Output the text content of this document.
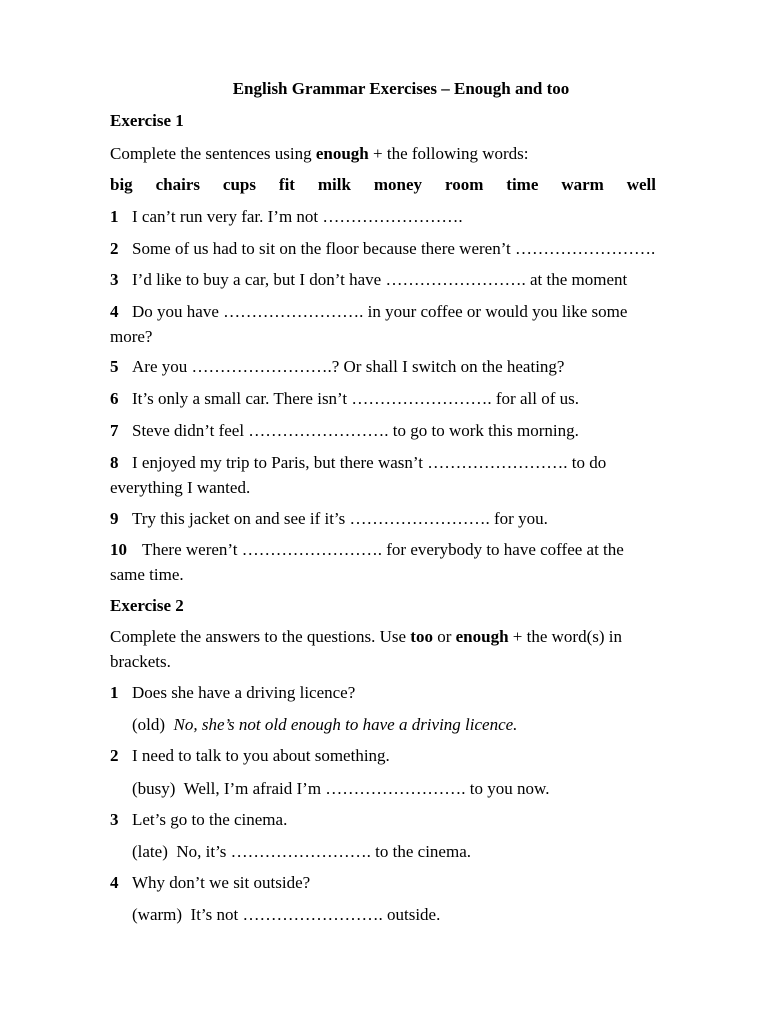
English Grammar Exercises – Enough and too
Exercise 1
Complete the sentences using enough + the following words:
big chairs cups fit milk money room time warm well
1 I can’t run very far. I’m not …………………….
2 Some of us had to sit on the floor because there weren’t …………………….
3 I’d like to buy a car, but I don’t have ……………………. at the moment
4 Do you have ……………………. in your coffee or would you like some
more?
5 Are you …………………….? Or shall I switch on the heating?
6 It’s only a small car. There isn’t ……………………. for all of us.
7 Steve didn’t feel ……………………. to go to work this morning.
8 I enjoyed my trip to Paris, but there wasn’t ……………………. to do
everything I wanted.
9 Try this jacket on and see if it’s ……………………. for you.
10 There weren’t ……………………. for everybody to have coffee at the
same time.
Exercise 2
Complete the answers to the questions. Use too or enough + the word(s) in
brackets.
1 Does she have a driving licence?
(old) No, she’s not old enough to have a driving licence.
2 I need to talk to you about something.
(busy) Well, I’m afraid I’m ……………………. to you now.
3 Let’s go to the cinema.
(late) No, it’s ……………………. to the cinema.
4 Why don’t we sit outside?
(warm) It’s not ……………………. outside.
